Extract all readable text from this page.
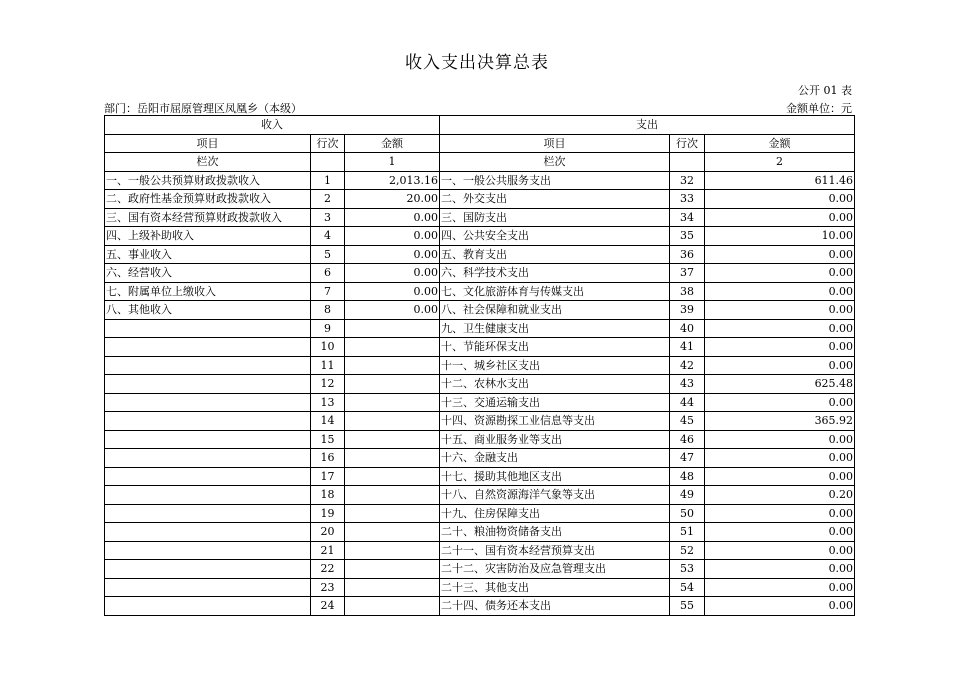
收入支出决算总表
公开 01 表
部门：岳阳市屈原管理区凤凰乡（本级）	金额单位：元
收入			支出		
项目	行次	金额	项目	行次	金额
栏次		1	栏次		2
一、一般公共预算财政拨款收入	1	2,013.16	一、一般公共服务支出	32	611.46
二、政府性基金预算财政拨款收入	2	20.00	二、外交支出	33	0.00
三、国有资本经营预算财政拨款收入	3	0.00	三、国防支出	34	0.00
四、上级补助收入	4	0.00	四、公共安全支出	35	10.00
五、事业收入	5	0.00	五、教育支出	36	0.00
六、经营收入	6	0.00	六、科学技术支出	37	0.00
七、附属单位上缴收入	7	0.00	七、文化旅游体育与传媒支出	38	0.00
八、其他收入	8	0.00	八、社会保障和就业支出	39	0.00
	9		九、卫生健康支出	40	0.00
	10		十、节能环保支出	41	0.00
	11		十一、城乡社区支出	42	0.00
	12		十二、农林水支出	43	625.48
	13		十三、交通运输支出	44	0.00
	14		十四、资源勘探工业信息等支出	45	365.92
	15		十五、商业服务业等支出	46	0.00
	16		十六、金融支出	47	0.00
	17		十七、援助其他地区支出	48	0.00
	18		十八、自然资源海洋气象等支出	49	0.20
	19		十九、住房保障支出	50	0.00
	20		二十、粮油物资储备支出	51	0.00
	21		二十一、国有资本经营预算支出	52	0.00
	22		二十二、灾害防治及应急管理支出	53	0.00
	23		二十三、其他支出	54	0.00
	24		二十四、债务还本支出	55	0.00
